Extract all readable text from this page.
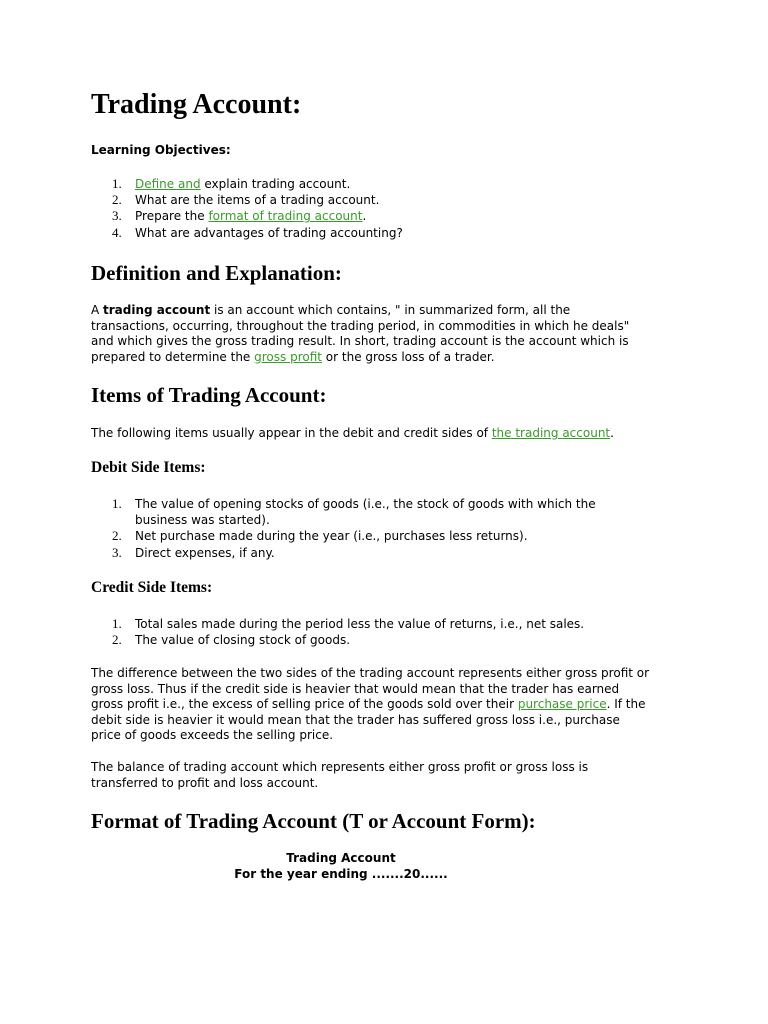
Trading Account:
Learning Objectives:
1. Define and explain trading account.
2. What are the items of a trading account.
3. Prepare the format of trading account.
4. What are advantages of trading accounting?
Definition and Explanation:
A trading account is an account which contains, " in summarized form, all the
transactions, occurring, throughout the trading period, in commodities in which he deals"
and which gives the gross trading result. In short, trading account is the account which is
prepared to determine the gross profit or the gross loss of a trader.
Items of Trading Account:
The following items usually appear in the debit and credit sides of the trading account.
Debit Side Items:
1. The value of opening stocks of goods (i.e., the stock of goods with which the
business was started).
2. Net purchase made during the year (i.e., purchases less returns).
3. Direct expenses, if any.
Credit Side Items:
1. Total sales made during the period less the value of returns, i.e., net sales.
2. The value of closing stock of goods.
The difference between the two sides of the trading account represents either gross profit or
gross loss. Thus if the credit side is heavier that would mean that the trader has earned
gross profit i.e., the excess of selling price of the goods sold over their purchase price. If the
debit side is heavier it would mean that the trader has suffered gross loss i.e., purchase
price of goods exceeds the selling price.
The balance of trading account which represents either gross profit or gross loss is
transferred to profit and loss account.
Format of Trading Account (T or Account Form):
Trading Account
For the year ending .......20......
